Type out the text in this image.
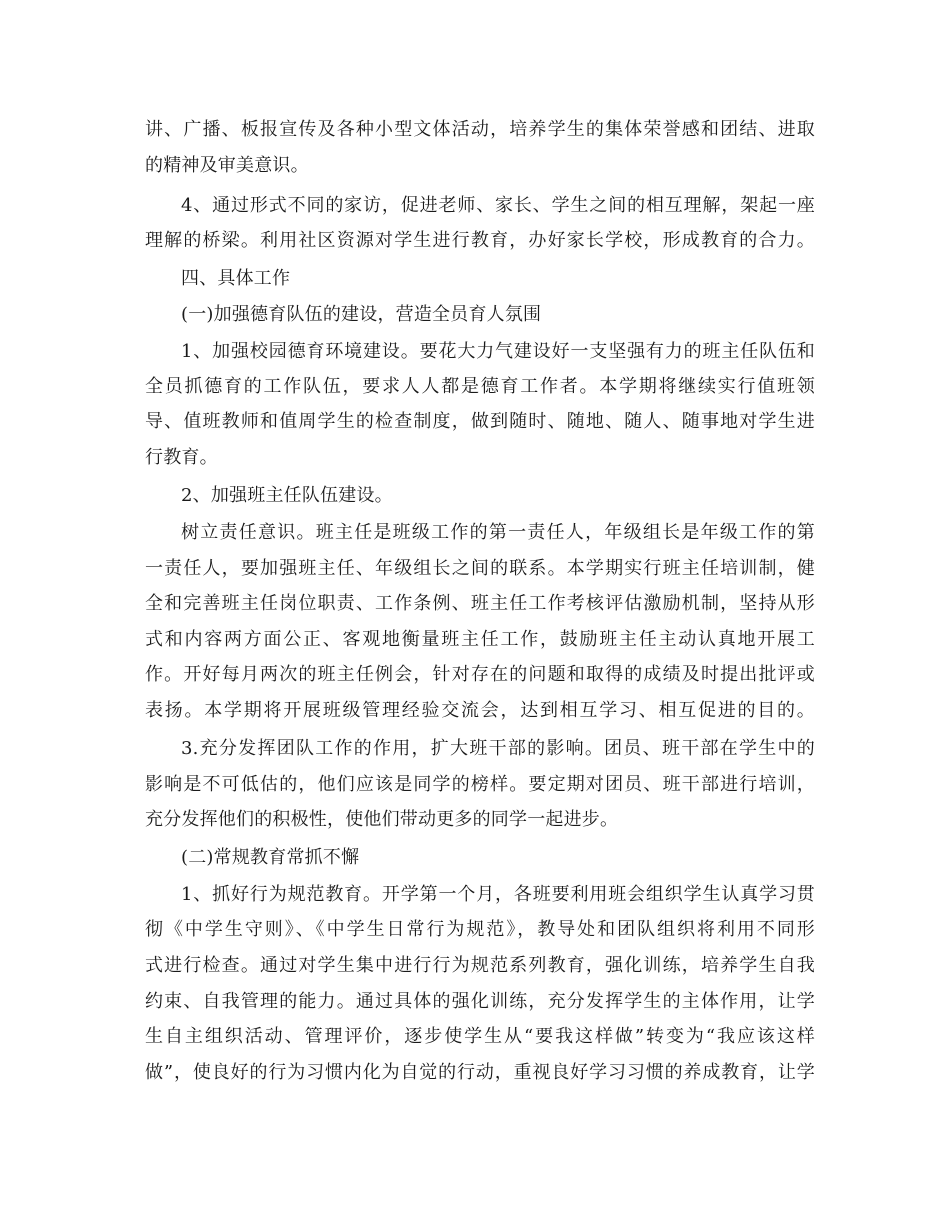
讲、广播、板报宣传及各种小型文体活动，培养学生的集体荣誉感和团结、进取
的精神及审美意识。
4、通过形式不同的家访，促进老师、家长、学生之间的相互理解，架起一座
理解的桥梁。利用社区资源对学生进行教育，办好家长学校，形成教育的合力。
四、具体工作
(一)加强德育队伍的建设，营造全员育人氛围
1、加强校园德育环境建设。要花大力气建设好一支坚强有力的班主任队伍和
全员抓德育的工作队伍，要求人人都是德育工作者。本学期将继续实行值班领
导、值班教师和值周学生的检查制度，做到随时、随地、随人、随事地对学生进
行教育。
2、加强班主任队伍建设。
树立责任意识。班主任是班级工作的第一责任人，年级组长是年级工作的第
一责任人，要加强班主任、年级组长之间的联系。本学期实行班主任培训制，健
全和完善班主任岗位职责、工作条例、班主任工作考核评估激励机制，坚持从形
式和内容两方面公正、客观地衡量班主任工作，鼓励班主任主动认真地开展工
作。开好每月两次的班主任例会，针对存在的问题和取得的成绩及时提出批评或
表扬。本学期将开展班级管理经验交流会，达到相互学习、相互促进的目的。
3.充分发挥团队工作的作用，扩大班干部的影响。团员、班干部在学生中的
影响是不可低估的，他们应该是同学的榜样。要定期对团员、班干部进行培训，
充分发挥他们的积极性，使他们带动更多的同学一起进步。
(二)常规教育常抓不懈
1、抓好行为规范教育。开学第一个月，各班要利用班会组织学生认真学习贯
彻《中学生守则》、《中学生日常行为规范》，教导处和团队组织将利用不同形
式进行检查。通过对学生集中进行行为规范系列教育，强化训练，培养学生自我
约束、自我管理的能力。通过具体的强化训练，充分发挥学生的主体作用，让学
生自主组织活动、管理评价，逐步使学生从“要我这样做”转变为“我应该这样
做”，使良好的行为习惯内化为自觉的行动，重视良好学习习惯的养成教育，让学
